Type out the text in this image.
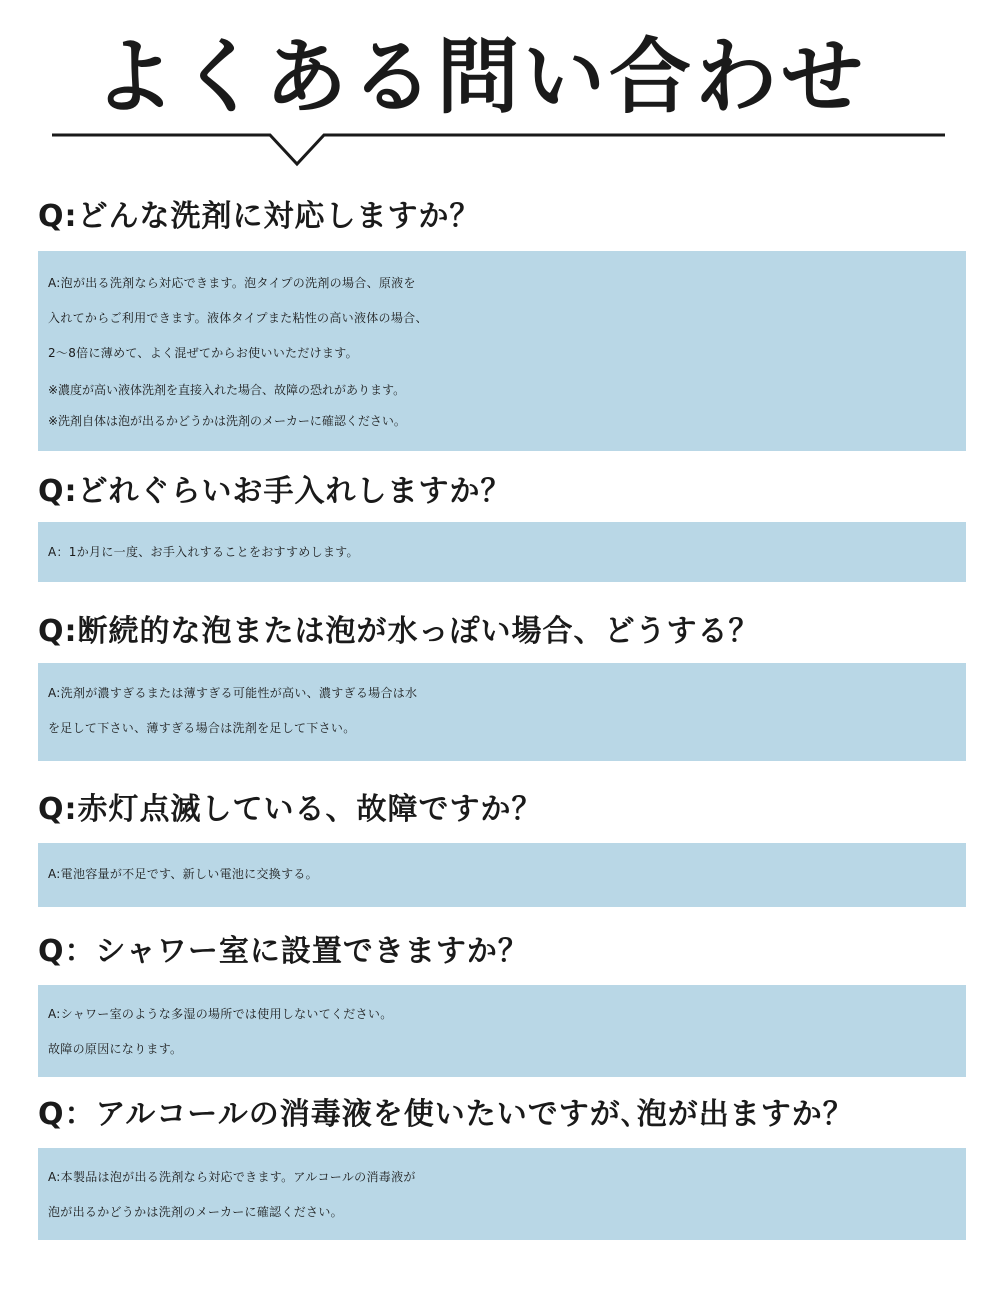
よくある問い合わせ
Q:どんな洗剤に対応しますか？
A:泡が出る洗剤なら対応できます。泡タイプの洗剤の場合、原液を
入れてからご利用できます。液体タイプまた粘性の高い液体の場合、
2〜8倍に薄めて、よく混ぜてからお使いいただけます。
※濃度が高い液体洗剤を直接入れた場合、故障の恐れがあります。
※洗剤自体は泡が出るかどうかは洗剤のメーカーに確認ください。
Q:どれぐらいお手入れしますか？
A：1か月に一度、お手入れすることをおすすめします。
Q:断続的な泡または泡が水っぽい場合、どうする？
A:洗剤が濃すぎるまたは薄すぎる可能性が高い、濃すぎる場合は水
を足して下さい、薄すぎる場合は洗剤を足して下さい。
Q:赤灯点滅している、故障ですか？
A:電池容量が不足です、新しい電池に交換する。
Q：シャワー室に設置できますか？
A:シャワー室のような多湿の場所では使用しないてください。
故障の原因になります。
Q：アルコールの消毒液を使いたいですが､泡が出ますか？
A:本製品は泡が出る洗剤なら対応できます。アルコールの消毒液が
泡が出るかどうかは洗剤のメーカーに確認ください。
